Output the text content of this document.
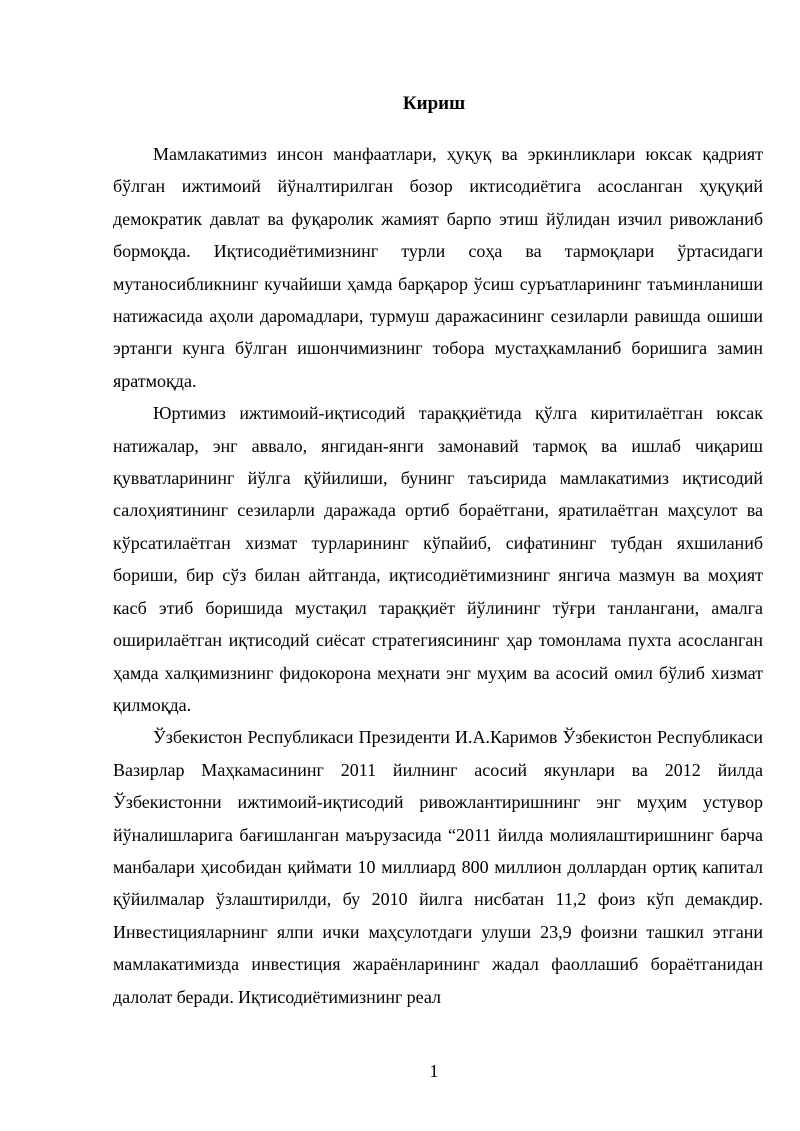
Кириш

Мамлакатимиз инсон манфаатлари, ҳуқуқ ва эркинликлари юксак қадрият бўлган ижтимоий йўналтирилган бозор иктисодиётига асосланган ҳуқуқий демократик давлат ва фуқаролик жамият барпо этиш йўлидан изчил ривожланиб бормоқда. Иқтисодиётимизнинг турли соҳа ва тармоқлари ўртасидаги мутаносибликнинг кучайиши ҳамда барқарор ўсиш суръатларининг таъминланиши натижасида аҳоли даромадлари, турмуш даражасининг сезиларли равишда ошиши эртанги кунга бўлган ишончимизнинг тобора мустаҳкамланиб боришига замин яратмоқда.

Юртимиз ижтимоий-иқтисодий тараққиётида қўлга киритилаётган юксак натижалар, энг аввало, янгидан-янги замонавий тармоқ ва ишлаб чиқариш қувватларининг йўлга қўйилиши, бунинг таъсирида мамлакатимиз иқтисодий салоҳиятининг сезиларли даражада ортиб бораётгани, яратилаётган маҳсулот ва кўрсатилаётган хизмат турларининг кўпайиб, сифатининг тубдан яхшиланиб бориши, бир сўз билан айтганда, иқтисодиётимизнинг янгича мазмун ва моҳият касб этиб боришида мустақил тараққиёт йўлининг тўғри танлангани, амалга оширилаётган иқтисодий сиёсат стратегиясининг ҳар томонлама пухта асосланган ҳамда халқимизнинг фидокорона меҳнати энг муҳим ва асосий омил бўлиб хизмат қилмоқда.

Ўзбекистон Республикаси Президенти И.А.Каримов Ўзбекистон Республикаси Вазирлар Маҳкамасининг 2011 йилнинг асосий якунлари ва 2012 йилда Ўзбекистонни ижтимоий-иқтисодий ривожлантиришнинг энг муҳим устувор йўналишларига бағишланган маърузасида “2011 йилда молиялаштиришнинг барча манбалари ҳисобидан қиймати 10 миллиард 800 миллион доллардан ортиқ капитал қўйилмалар ўзлаштирилди, бу 2010 йилга нисбатан 11,2 фоиз кўп демакдир. Инвестицияларнинг ялпи ички маҳсулотдаги улуши 23,9 фоизни ташкил этгани мамлакатимизда инвестиция жараёнларининг жадал фаоллашиб бораётганидан далолат беради. Иқтисодиётимизнинг реал

1
